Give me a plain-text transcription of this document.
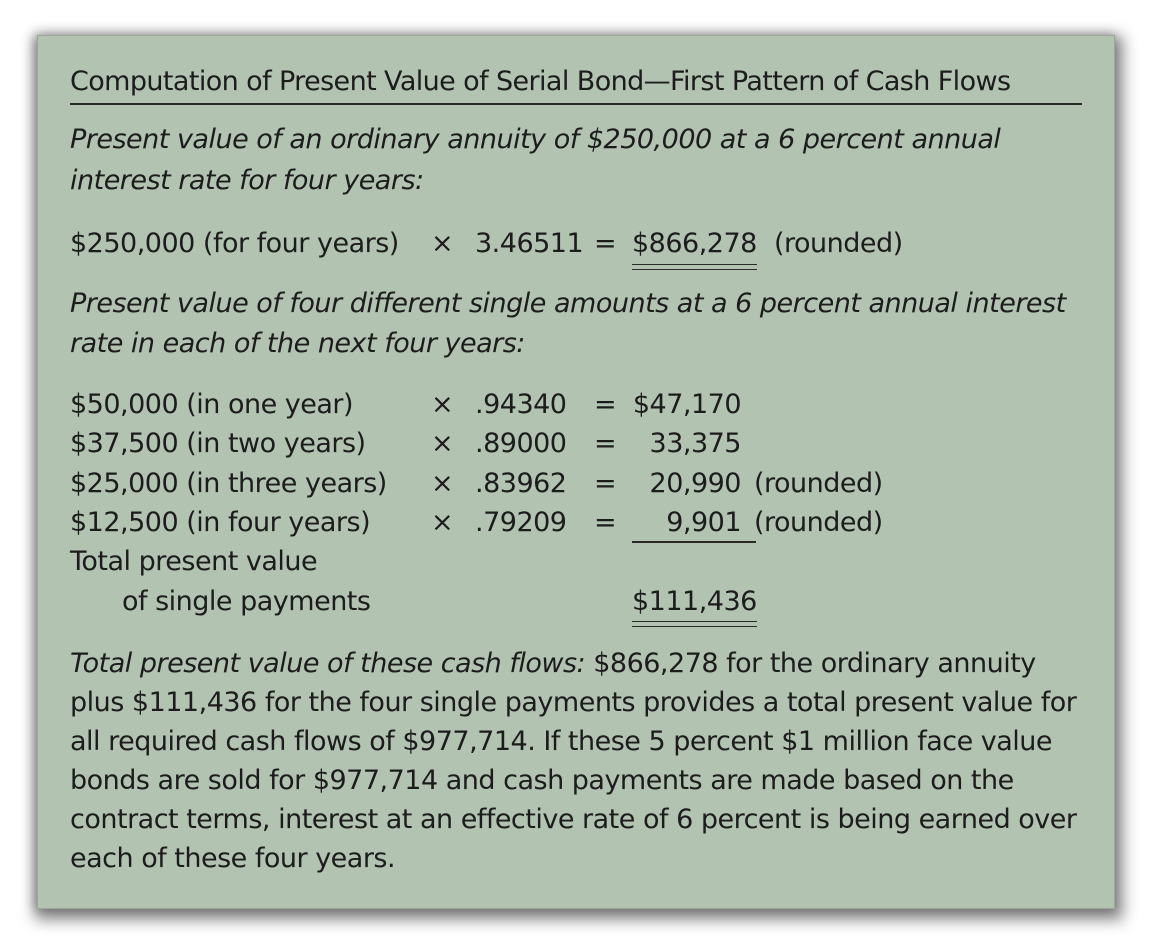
Computation of Present Value of Serial Bond—First Pattern of Cash Flows
Present value of an ordinary annuity of $250,000 at a 6 percent annual
interest rate for four years:
$250,000 (for four years) × 3.46511 = $866,278 (rounded)
Present value of four different single amounts at a 6 percent annual interest
rate in each of the next four years:
$50,000 (in one year)	× .94340 = $47,170
$37,500 (in two years) × .89000 =	33,375
$25,000 (in three years) × .83962 =	20,990 (rounded)
$12,500 (in four years) × .79209 =	9,901 (rounded)
Total present value
of single payments	$111,436
Total present value of these cash flows: $866,278 for the ordinary annuity plus $111,436 for the four single payments provides a total present value for all required cash flows of $977,714. If these 5 percent $1 million face value bonds are sold for $977,714 and cash payments are made based on the contract terms, interest at an effective rate of 6 percent is being earned over each of these four years.
